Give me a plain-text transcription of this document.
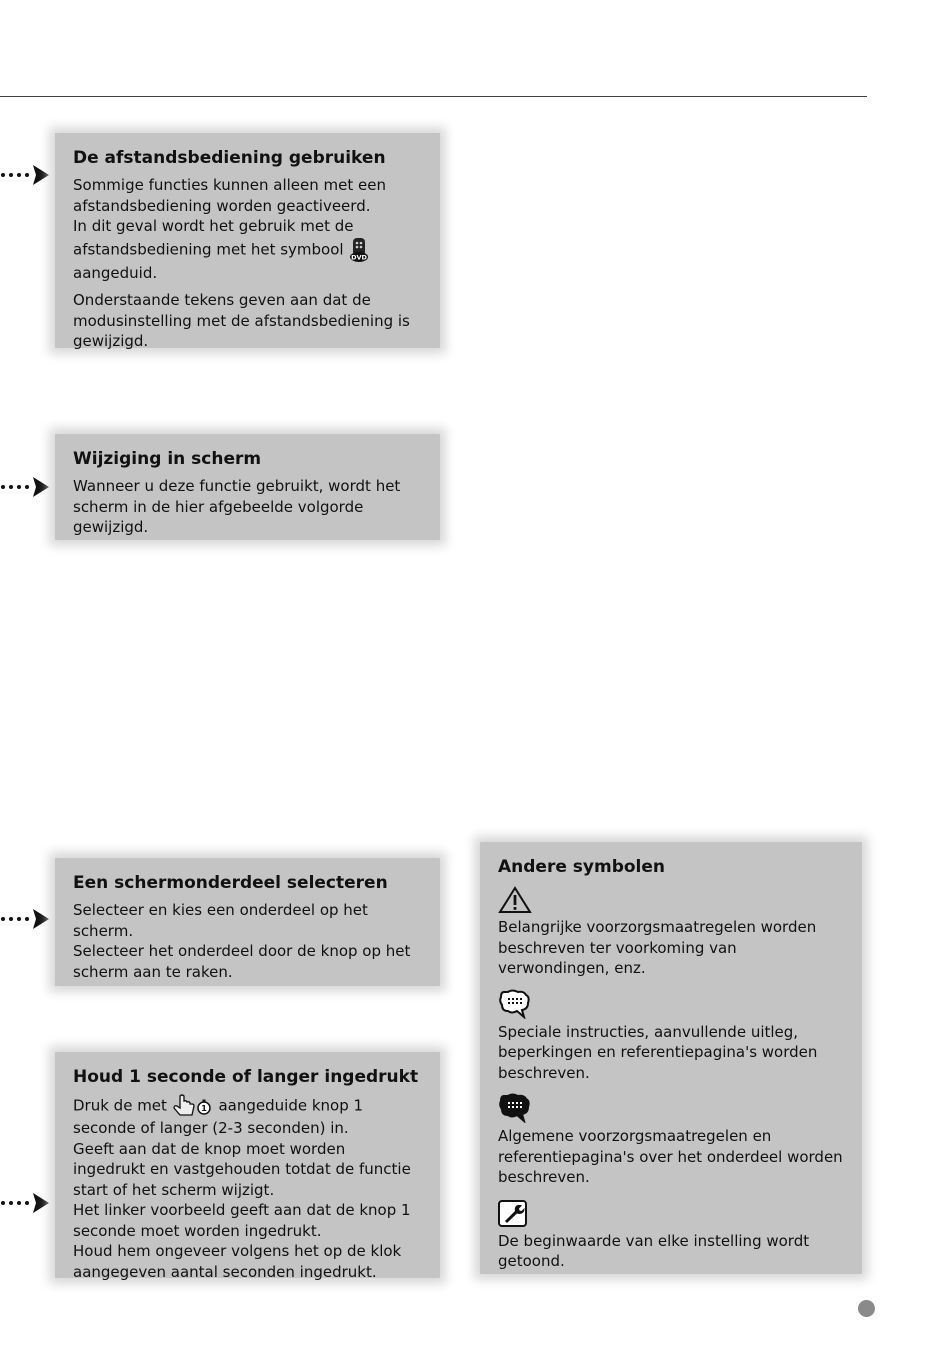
De afstandsbediening gebruiken

Sommige functies kunnen alleen met een afstandsbediening worden geactiveerd.
In dit geval wordt het gebruik met de afstandsbediening met het symbool DVD
aangeduid.

Onderstaande tekens geven aan dat de modusinstelling met de afstandsbediening is gewijzigd.

Wijziging in scherm

Wanneer u deze functie gebruikt, wordt het scherm in de hier afgebeelde volgorde gewijzigd.

Een schermonderdeel selecteren

Selecteer en kies een onderdeel op het scherm.
Selecteer het onderdeel door de knop op het scherm aan te raken.

Houd 1 seconde of langer ingedrukt

Druk de met	1 aangeduide knop 1 seconde of langer (2-3 seconden) in.
Geeft aan dat de knop moet worden ingedrukt en vastgehouden totdat de functie start of het scherm wijzigt.
Het linker voorbeeld geeft aan dat de knop 1 seconde moet worden ingedrukt.
Houd hem ongeveer volgens het op de klok aangegeven aantal seconden ingedrukt.

Andere symbolen

Belangrijke voorzorgsmaatregelen worden beschreven ter voorkoming van verwondingen, enz.

Speciale instructies, aanvullende uitleg, beperkingen en referentiepagina's worden beschreven.

Algemene voorzorgsmaatregelen en referentiepagina's over het onderdeel worden beschreven.

De beginwaarde van elke instelling wordt getoond.
